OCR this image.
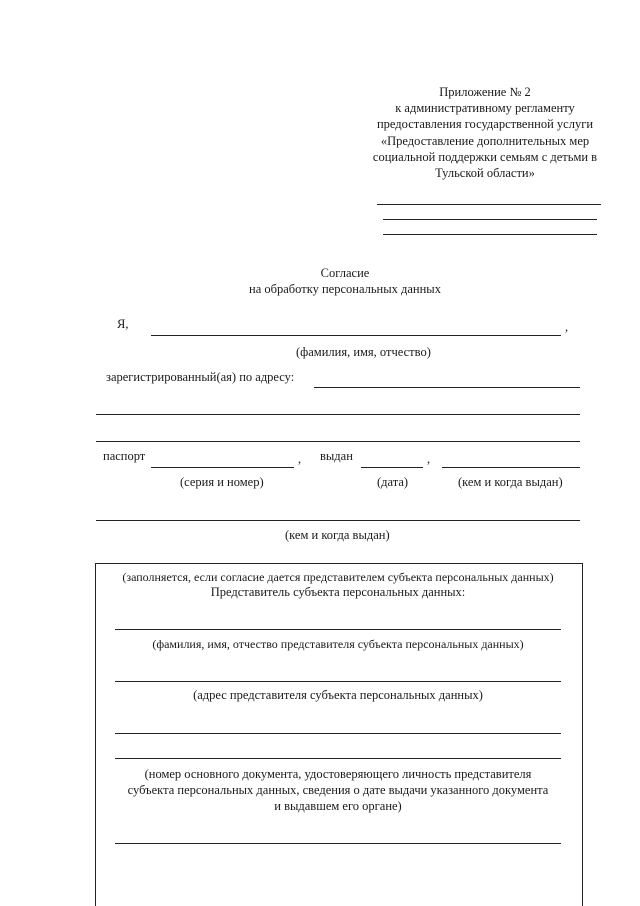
Приложение № 2
к административному регламенту
предоставления государственной услуги
«Предоставление дополнительных мер
социальной поддержки семьям с детьми в
Тульской области»
Согласие
на обработку персональных данных
Я,	,
(фамилия, имя, отчество)
зарегистрированный(ая) по адресу:
паспорт	, выдан	,
(серия и номер)	(дата)	(кем и когда выдан)
(кем и когда выдан)
(заполняется, если согласие дается представителем субъекта персональных данных)
Представитель субъекта персональных данных:
(фамилия, имя, отчество представителя субъекта персональных данных)
(адрес представителя субъекта персональных данных)
(номер основного документа, удостоверяющего личность представителя
субъекта персональных данных, сведения о дате выдачи указанного документа
и выдавшем его органе)
